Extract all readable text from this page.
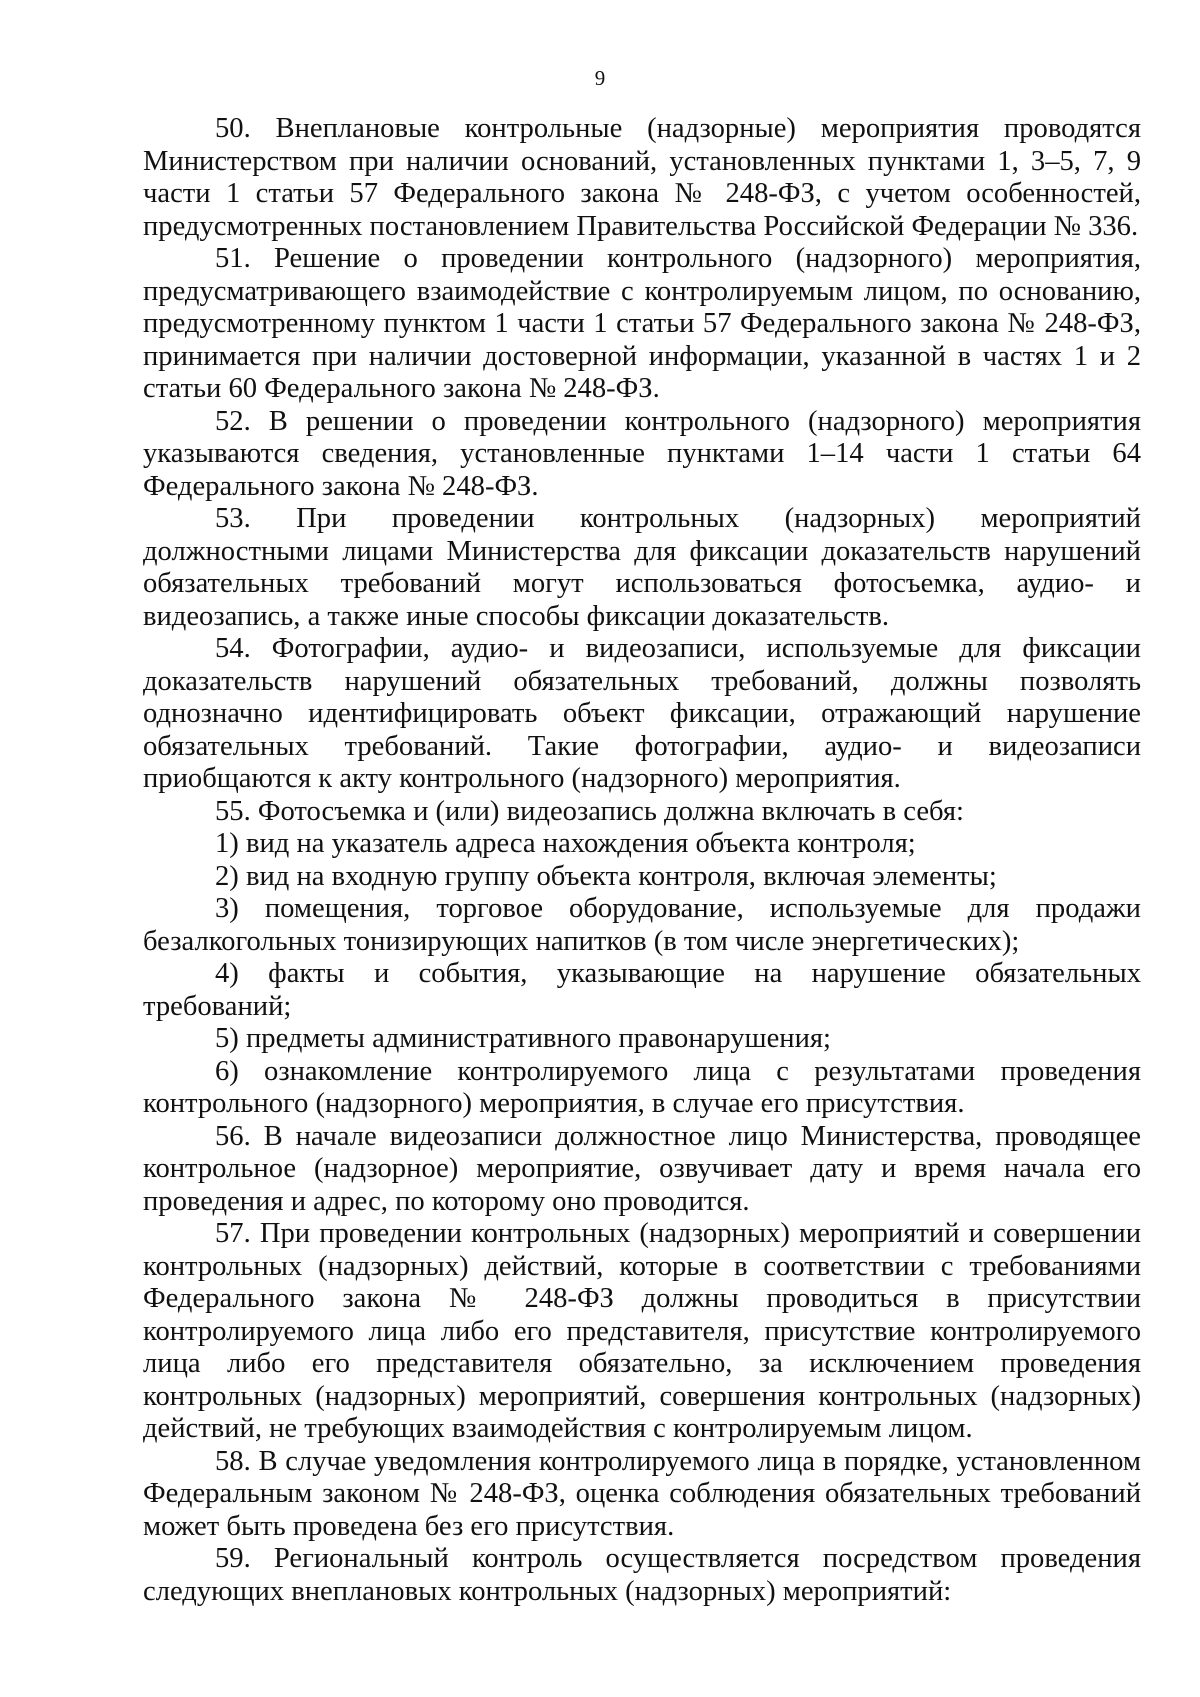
9

50. Внеплановые контрольные (надзорные) мероприятия проводятся Министерством при наличии оснований, установленных пунктами 1, 3–5, 7, 9 части 1 статьи 57 Федерального закона № 248-ФЗ, с учетом особенностей, предусмотренных постановлением Правительства Российской Федерации № 336.

51. Решение о проведении контрольного (надзорного) мероприятия, предусматривающего взаимодействие с контролируемым лицом, по основанию, предусмотренному пунктом 1 части 1 статьи 57 Федерального закона № 248-ФЗ, принимается при наличии достоверной информации, указанной в частях 1 и 2 статьи 60 Федерального закона № 248-ФЗ.

52. В решении о проведении контрольного (надзорного) мероприятия указываются сведения, установленные пунктами 1–14 части 1 статьи 64 Федерального закона № 248-ФЗ.

53. При проведении контрольных (надзорных) мероприятий должностными лицами Министерства для фиксации доказательств нарушений обязательных требований могут использоваться фотосъемка, аудио- и видеозапись, а также иные способы фиксации доказательств.

54. Фотографии, аудио- и видеозаписи, используемые для фиксации доказательств нарушений обязательных требований, должны позволять однозначно идентифицировать объект фиксации, отражающий нарушение обязательных требований. Такие фотографии, аудио- и видеозаписи приобщаются к акту контрольного (надзорного) мероприятия.

55. Фотосъемка и (или) видеозапись должна включать в себя:

1) вид на указатель адреса нахождения объекта контроля;

2) вид на входную группу объекта контроля, включая элементы;

3) помещения, торговое оборудование, используемые для продажи безалкогольных тонизирующих напитков (в том числе энергетических);

4) факты и события, указывающие на нарушение обязательных требований;

5) предметы административного правонарушения;

6) ознакомление контролируемого лица с результатами проведения контрольного (надзорного) мероприятия, в случае его присутствия.

56. В начале видеозаписи должностное лицо Министерства, проводящее контрольное (надзорное) мероприятие, озвучивает дату и время начала его проведения и адрес, по которому оно проводится.

57. При проведении контрольных (надзорных) мероприятий и совершении контрольных (надзорных) действий, которые в соответствии с требованиями Федерального закона № 248-ФЗ должны проводиться в присутствии контролируемого лица либо его представителя, присутствие контролируемого лица либо его представителя обязательно, за исключением проведения контрольных (надзорных) мероприятий, совершения контрольных (надзорных) действий, не требующих взаимодействия с контролируемым лицом.

58. В случае уведомления контролируемого лица в порядке, установленном Федеральным законом № 248-ФЗ, оценка соблюдения обязательных требований может быть проведена без его присутствия.

59. Региональный контроль осуществляется посредством проведения следующих внеплановых контрольных (надзорных) мероприятий:
